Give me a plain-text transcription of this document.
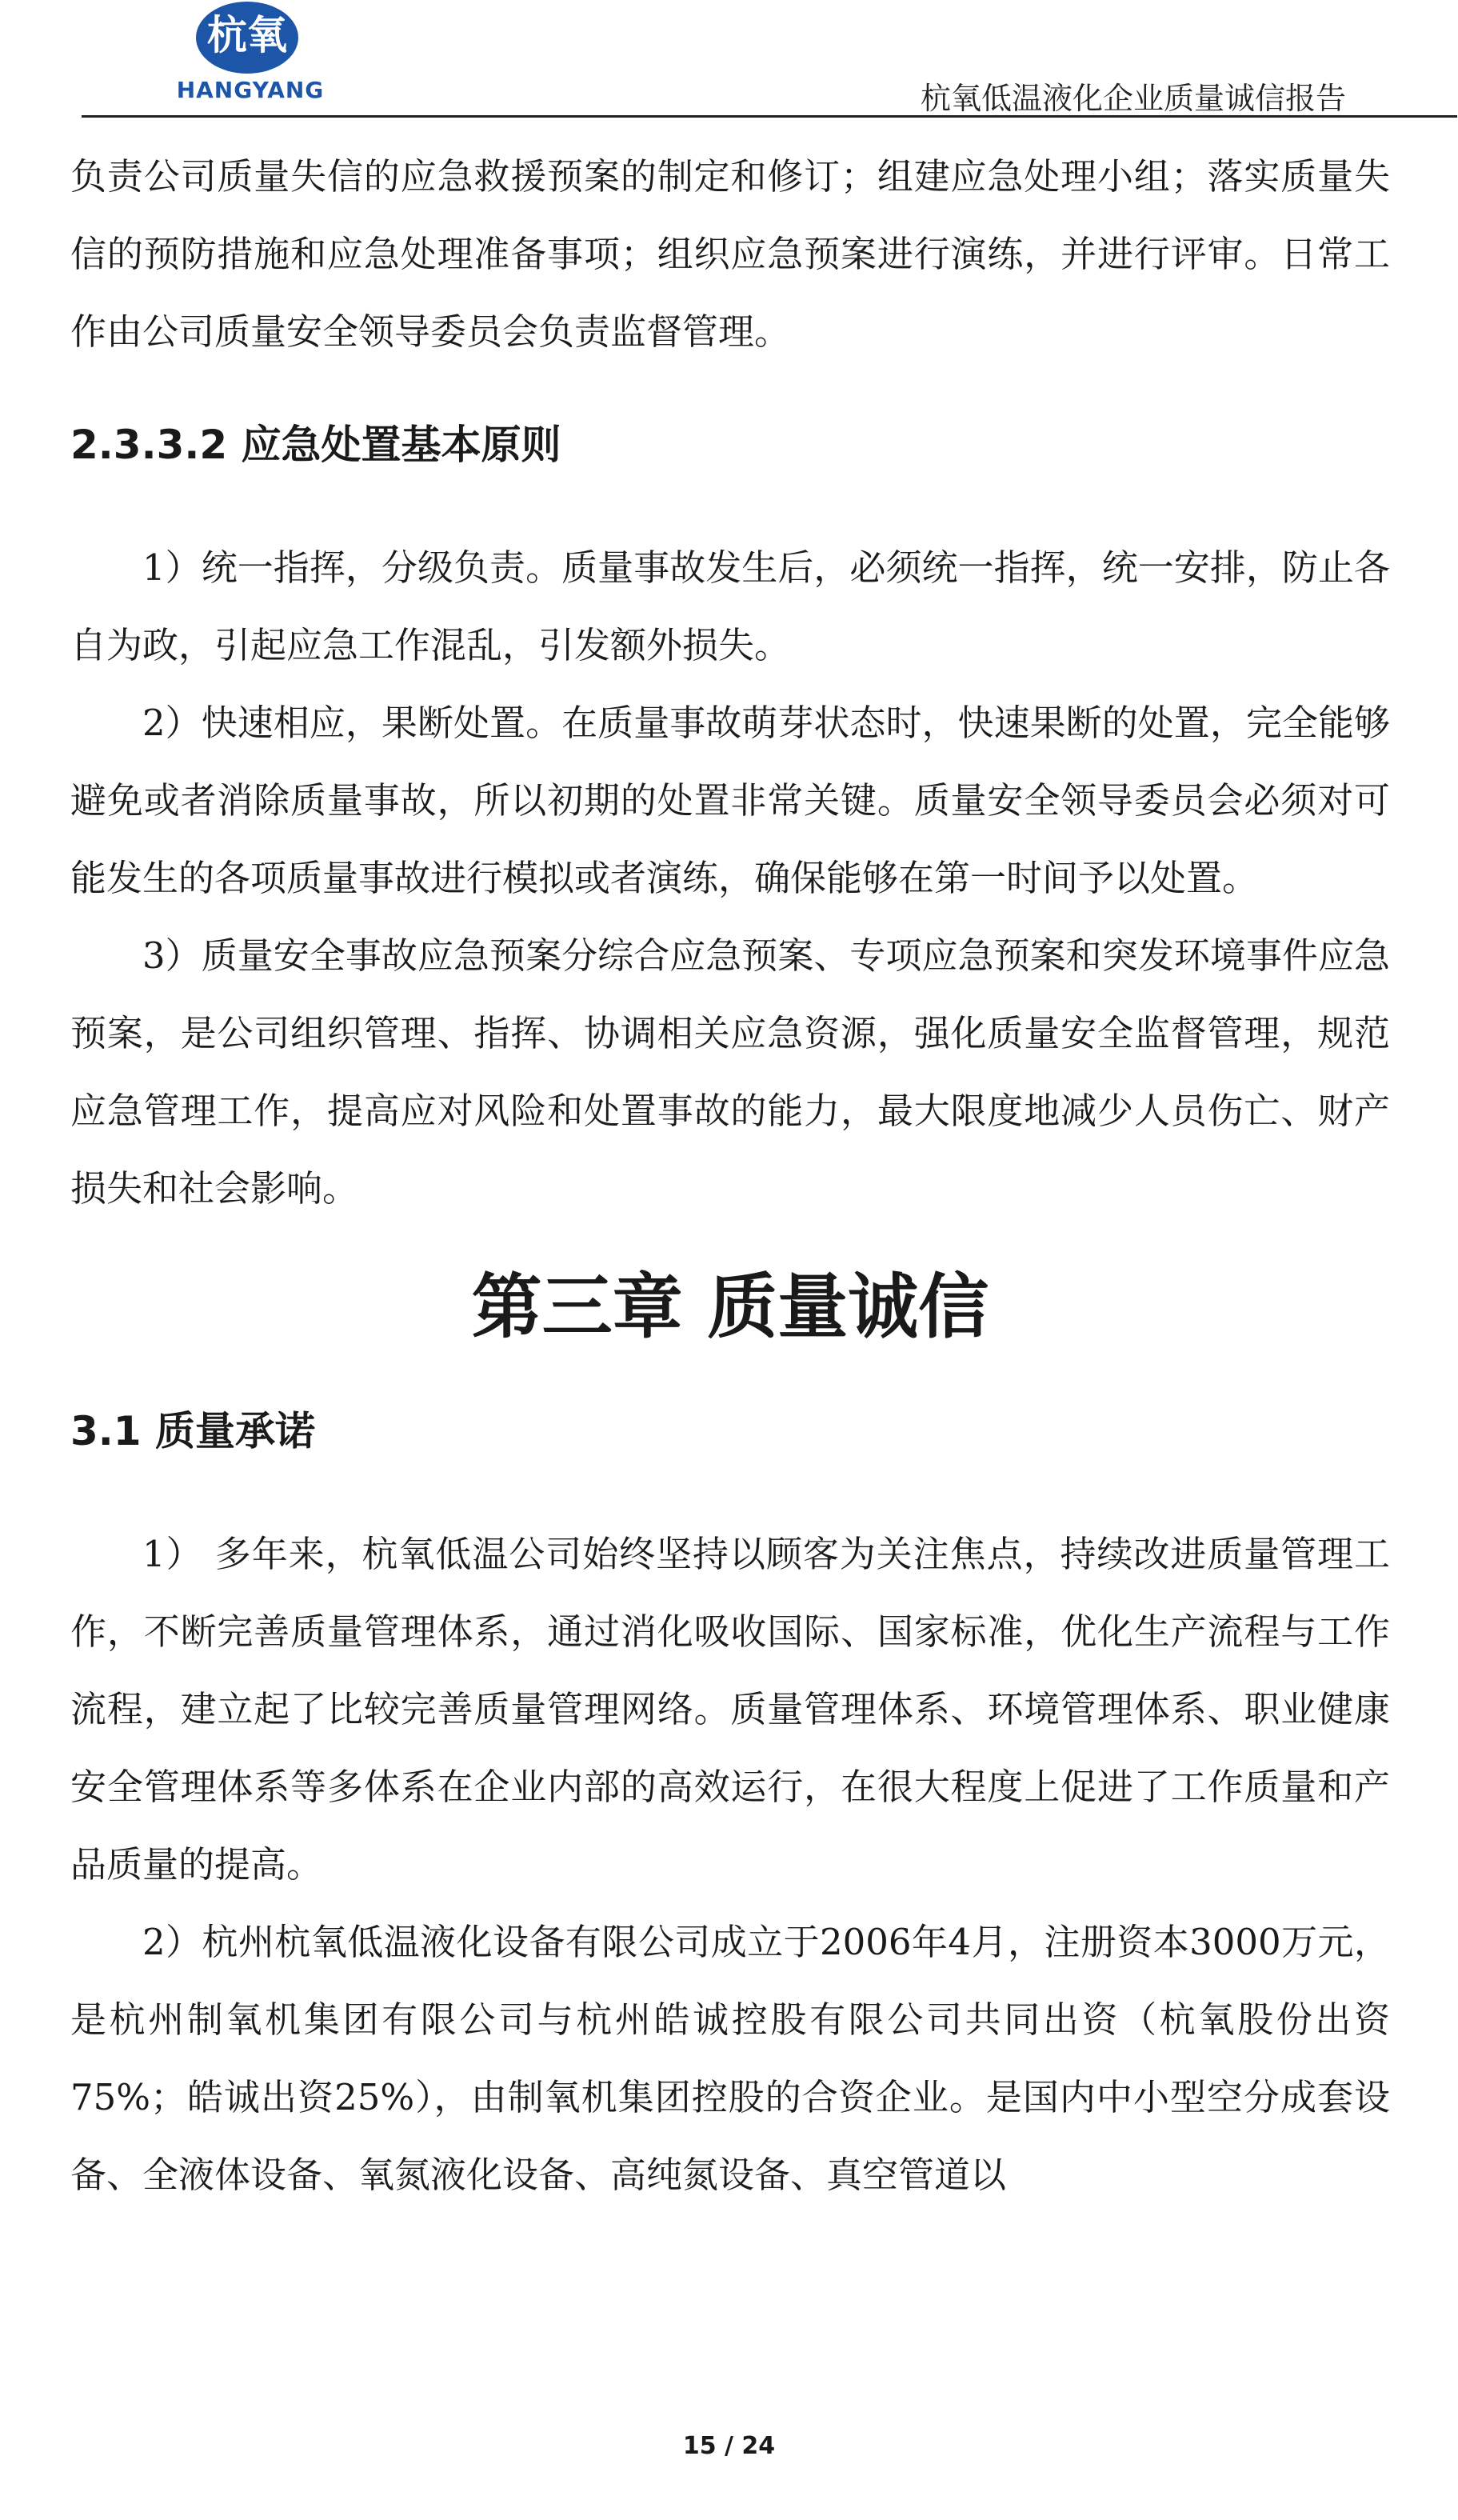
杭氧
HANGYANG	杭氧低温液化企业质量诚信报告

负责公司质量失信的应急救援预案的制定和修订；组建应急处理小组；落实质量失信的预防措施和应急处理准备事项；组织应急预案进行演练，并进行评审。日常工作由公司质量安全领导委员会负责监督管理。

2.3.3.2 应急处置基本原则

1）统一指挥，分级负责。质量事故发生后，必须统一指挥，统一安排，防止各自为政，引起应急工作混乱，引发额外损失。

2）快速相应，果断处置。在质量事故萌芽状态时，快速果断的处置，完全能够避免或者消除质量事故，所以初期的处置非常关键。质量安全领导委员会必须对可能发生的各项质量事故进行模拟或者演练，确保能够在第一时间予以处置。

3）质量安全事故应急预案分综合应急预案、专项应急预案和突发环境事件应急预案，是公司组织管理、指挥、协调相关应急资源，强化质量安全监督管理，规范应急管理工作，提高应对风险和处置事故的能力，最大限度地减少人员伤亡、财产损失和社会影响。

第三章 质量诚信
3.1 质量承诺

1） 多年来，杭氧低温公司始终坚持以顾客为关注焦点，持续改进质量管理工作，不断完善质量管理体系，通过消化吸收国际、国家标准，优化生产流程与工作流程，建立起了比较完善质量管理网络。质量管理体系、环境管理体系、职业健康安全管理体系等多体系在企业内部的高效运行，在很大程度上促进了工作质量和产品质量的提高。

2）杭州杭氧低温液化设备有限公司成立于2006年4月，注册资本3000万元，是杭州制氧机集团有限公司与杭州皓诚控股有限公司共同出资（杭氧股份出资75%；皓诚出资25%），由制氧机集团控股的合资企业。是国内中小型空分成套设备、全液体设备、氧氮液化设备、高纯氮设备、真空管道以

15 / 24
